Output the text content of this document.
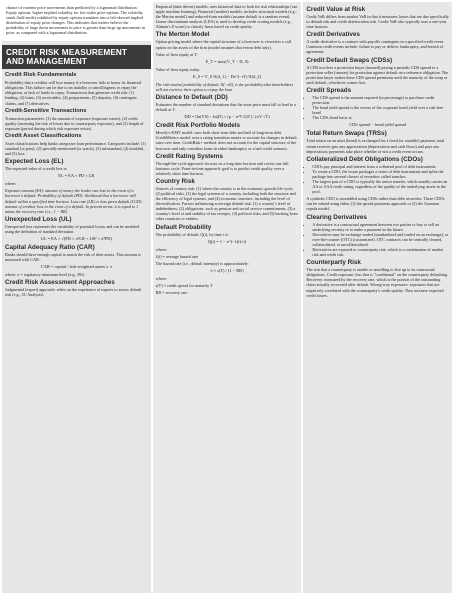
chance of extreme price movements than predicted by a lognormal distribution. Equity options: higher implied volatility for low strike price options. The volatility smirk (half-smile) exhibited by equity options translates into a left-skewed implied distribution of equity price changes. This indicates that traders believe the probability of large down movements in price is greater than large up movements in price, as compared with a lognormal distribution.

CREDIT RISK MEASUREMENT AND MANAGEMENT
Credit Risk Fundamentals

Probability that a creditor will lose money if a borrower fails to honor its financial obligations. This failure can be due to an inability or unwillingness to repay the obligation, or lack of funds to repay. Transactions that generate credit risk: (1) lending, (2) loans, (3) receivables, (4) prepayments, (5) deposits, (6) contingent claims, and (7) derivatives.

Credit-Sensitive Transactions

Transaction parameters: (1) the amount of exposure (exposure issues), (2) credit quality (assessing the risk of losses due to counterparty exposure), and (3) length of exposure (period during which risk exposure exists).

Credit Asset Classifications

Asset classifications help banks categorize loan performance. Categories include: (1) standard (or pass), (2) specially mentioned (or watch), (3) substandard, (4) doubtful, and (5) loss.

Expected Loss (EL)

The expected value of a credit loss is:

EL = EA × PD × LR

where:

Exposure amount (EA): amount of money the lender can lose in the event of a borrower's default. Probability of default (PD): likelihood that a borrower will default within a specified time horizon. Loss rate (LR) or loss given default (LGD): amount of creditor loss in the event of a default. In percent terms, it is equal to 1 minus the recovery rate (i.e., 1 − RR).

Unexpected Loss (UL)

Unexpected loss represents the variability of potential losses and can be modeled using the definition of standard deviation.

UL = EA × √(PD × σ²LR + LR² × σ²PD)
Capital Adequacy Ratio (CAR)

Banks should have enough capital to match the risk of their assets. This amount is measured with CAR:

CAR = capital / risk-weighted assets ≥ π

where: π = regulatory minimum level (e.g., 8%)

Credit Risk Assessment Approaches

Judgmental (expert) approach: relies on the experience of experts to assess default risk (e.g., 5C Analysis).

Empirical (data-driven) models: uses historical data to look for risk relationships (can apply machine learning). Financial (market) models: includes structural models (e.g., the Merton model) and reduced-form models (assume default is a random event). Linear discriminant analysis (LDA) is used to develop credit scoring models (e.g., Altman's Z-score) to classify firms based on credit quality.

The Merton Model

Option pricing model where the capital structure of a borrower is viewed as a call option on the assets of the firm (model assumes short-term debt only).

Value of firm equity at T:

E_T = max(V_T − D, 0)

Value of firm equity today:

E_0 = V_0 N(d_1) − De^(−rT) N(d_2)

The risk-neutral probability of default, N(−d2), is the probability that shareholders will not exercise their option to repay the loan.

Distance to Default (DD)

Estimates the number of standard deviations that the asset price must fall to lead to a default at T:

DD = [ln(V0) − ln(D) + (μ − σ²V/2)T] / (σV √T)
Credit Risk Portfolio Models

Moody's-KMV model: uses both short-term debt and half of long-term debt. CreditMetrics model: uses a rating transition matrix to account for changes in default rates over time. CreditRisk+ method: does not account for the capital structure of the borrower and only considers loans in either bankruptcy or a bad credit scenario.

Credit Rating Systems

Through-the-cycle approach: focuses on a long time horizon and covers one full business cycle. Point-in-time approach: goal is to predict credit quality over a relatively short time horizon.

Country Risk

Sources of country risk: (1) where the country is in the economic growth life cycle, (2) political risks, (3) the legal systems of a country, including both the structure and the efficiency of legal systems, and (4) economic structure, including the level of diversification. Factors influencing sovereign default risk: (1) a country's level of indebtedness, (2) obligations, such as pension and social service commitments, (3) a country's level of and stability of tax receipts, (4) political risks, and (5) backing from other countries or entities.

Default Probability

The probability of default, Q(t), by time t is:

Q(t) = 1 − e^(−λ(t)×t)

where:

λ(t) = average hazard rate

The hazard rate (i.e., default intensity) is approximately:

λ ≈ s(T) / (1 − RR)

where:

s(T) = credit spread for maturity T

RR = recovery rate

Credit Value at Risk

Credit VaR differs from market VaR in that it measures losses that are due specifically to default risk and credit deterioration risk. Credit VaR also typically uses a one-year time horizon.

Credit Derivatives

A credit derivative is a contract with payoffs contingent on a specified credit event. Common credit events include: failure to pay or deliver, bankruptcy, and breach of agreement.

Credit Default Swaps (CDSs)

A CDS involves a protection buyer (insured) paying a periodic CDS spread to a protection seller (insurer) for protection against default on a reference obligation. The protection buyer makes these CDS spread premiums until the maturity of the swap or until default, whichever comes first.

Credit Spreads
• The CDS spread is the amount required (in percentage) to purchase credit protection.
• The bond yield spread is the excess of the corporate bond yield over a risk-free bond.
• The CDS–bond basis is:
CDS spread − bond yield spread
Total Return Swaps (TRSs)

Total return on an asset (bond) is exchanged for a fixed (or variable) payment; total return receiver gets any appreciation (depreciation and cash flows) and pays any depreciation; payments take place whether or not a credit event occurs.

Collateralized Debt Obligations (CDOs)
• CDOs pay principal and interest from a collateral pool of debt instruments.
• To create a CDO, the issuer packages a series of debt instruments and splits the package into several classes of securities called tranches.
• The largest part of a CDO is typically the senior tranche, which usually carries an AA or AAA credit rating, regardless of the quality of the underlying assets in the pool.

A synthetic CDO is assembled using CDSs rather than debt securities. These CDOs can be valued using either (1) the spread payments approach or (2) the Gaussian copula model.

Clearing Derivatives
• A derivative is a contractual agreement between two parties to buy or sell an underlying security or to make a payment in the future.
• Derivatives may be exchange-traded (standardized and traded on an exchange), or over-the-counter (OTC) (customized). OTC contracts can be centrally cleared, collateralized, or uncollateralized.
• Derivatives are exposed to counterparty risk, which is a combination of market risk and credit risk.
Counterparty Risk

The risk that a counterparty is unable or unwilling to live up to its contractual obligations. Credit exposure: loss that is "conditional" on the counterparty defaulting. Recovery: measured by the recovery rate, which is the portion of the outstanding claim actually recovered after default. Wrong-way exposures: exposures that are negatively correlated with the counterparty's credit quality. They increase expected credit losses.
